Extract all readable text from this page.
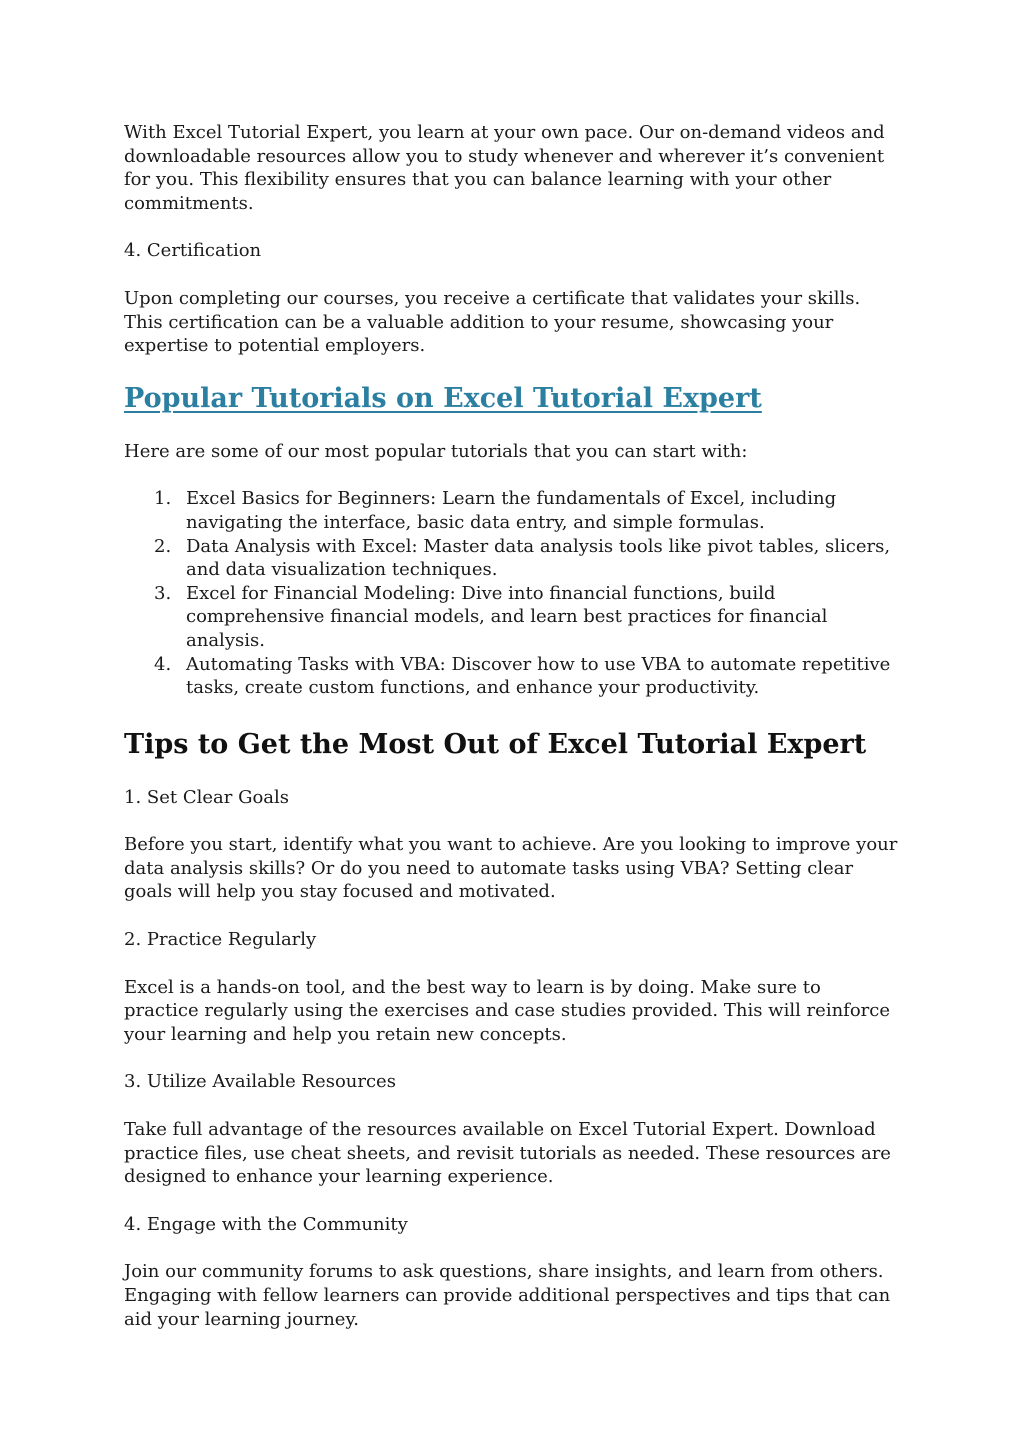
With Excel Tutorial Expert, you learn at your own pace. Our on-demand videos and downloadable resources allow you to study whenever and wherever it’s convenient for you. This flexibility ensures that you can balance learning with your other commitments.

4. Certification

Upon completing our courses, you receive a certificate that validates your skills. This certification can be a valuable addition to your resume, showcasing your expertise to potential employers.

Popular Tutorials on Excel Tutorial Expert

Here are some of our most popular tutorials that you can start with:

1. Excel Basics for Beginners: Learn the fundamentals of Excel, including navigating the interface, basic data entry, and simple formulas.
2. Data Analysis with Excel: Master data analysis tools like pivot tables, slicers, and data visualization techniques.
3. Excel for Financial Modeling: Dive into financial functions, build comprehensive financial models, and learn best practices for financial analysis.
4. Automating Tasks with VBA: Discover how to use VBA to automate repetitive tasks, create custom functions, and enhance your productivity.
Tips to Get the Most Out of Excel Tutorial Expert

1. Set Clear Goals

Before you start, identify what you want to achieve. Are you looking to improve your data analysis skills? Or do you need to automate tasks using VBA? Setting clear goals will help you stay focused and motivated.

2. Practice Regularly

Excel is a hands-on tool, and the best way to learn is by doing. Make sure to practice regularly using the exercises and case studies provided. This will reinforce your learning and help you retain new concepts.

3. Utilize Available Resources

Take full advantage of the resources available on Excel Tutorial Expert. Download practice files, use cheat sheets, and revisit tutorials as needed. These resources are designed to enhance your learning experience.

4. Engage with the Community

Join our community forums to ask questions, share insights, and learn from others. Engaging with fellow learners can provide additional perspectives and tips that can aid your learning journey.
